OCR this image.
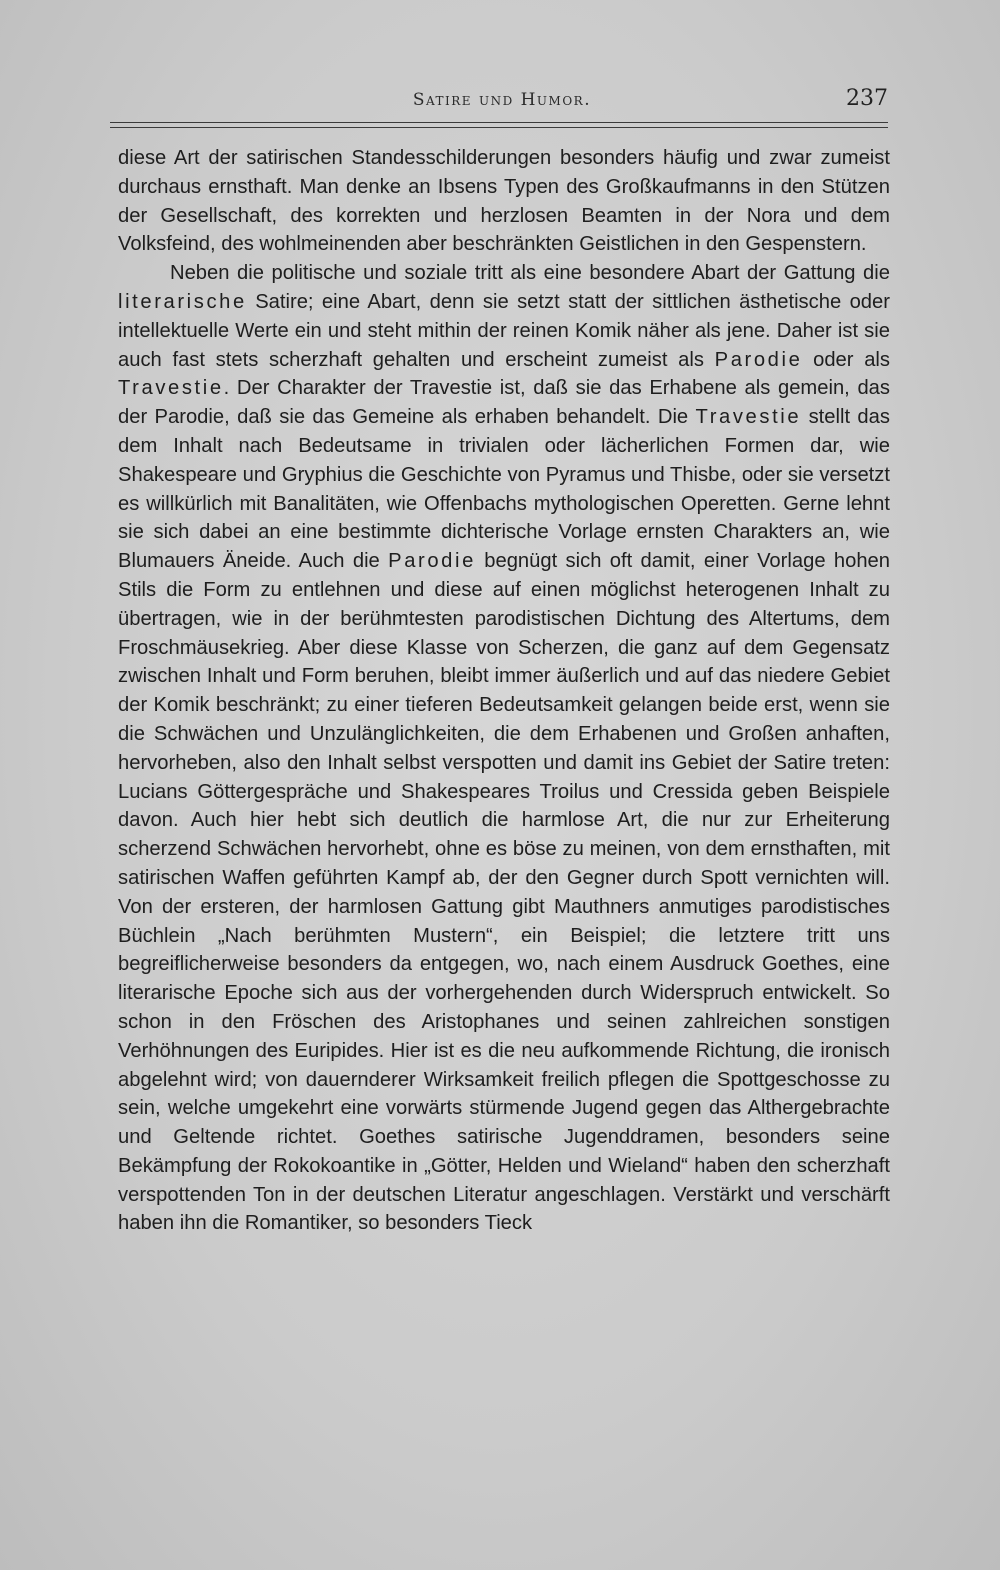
Satire und Humor.	237

diese Art der satirischen Standesschilderungen besonders häufig und zwar zumeist durchaus ernsthaft. Man denke an Ibsens Typen des Großkaufmanns in den Stützen der Gesellschaft, des korrekten und herzlosen Beamten in der Nora und dem Volksfeind, des wohlmeinenden aber beschränkten Geistlichen in den Gespenstern.

Neben die politische und soziale tritt als eine besondere Abart der Gattung die literarische Satire; eine Abart, denn sie setzt statt der sittlichen ästhetische oder intellektuelle Werte ein und steht mithin der reinen Komik näher als jene. Daher ist sie auch fast stets scherzhaft gehalten und erscheint zumeist als Parodie oder als Travestie. Der Charakter der Travestie ist, daß sie das Erhabene als gemein, das der Parodie, daß sie das Gemeine als erhaben behandelt. Die Travestie stellt das dem Inhalt nach Bedeutsame in trivialen oder lächerlichen Formen dar, wie Shakespeare und Gryphius die Geschichte von Pyramus und Thisbe, oder sie versetzt es willkürlich mit Banalitäten, wie Offenbachs mythologischen Operetten. Gerne lehnt sie sich dabei an eine bestimmte dichterische Vorlage ernsten Charakters an, wie Blumauers Äneide. Auch die Parodie begnügt sich oft damit, einer Vorlage hohen Stils die Form zu entlehnen und diese auf einen möglichst heterogenen Inhalt zu übertragen, wie in der berühmtesten parodistischen Dichtung des Altertums, dem Froschmäusekrieg. Aber diese Klasse von Scherzen, die ganz auf dem Gegensatz zwischen Inhalt und Form beruhen, bleibt immer äußerlich und auf das niedere Gebiet der Komik beschränkt; zu einer tieferen Bedeutsamkeit gelangen beide erst, wenn sie die Schwächen und Unzulänglichkeiten, die dem Erhabenen und Großen anhaften, hervorheben, also den Inhalt selbst verspotten und damit ins Gebiet der Satire treten: Lucians Göttergespräche und Shakespeares Troilus und Cressida geben Beispiele davon. Auch hier hebt sich deutlich die harmlose Art, die nur zur Erheiterung scherzend Schwächen hervorhebt, ohne es böse zu meinen, von dem ernsthaften, mit satirischen Waffen geführten Kampf ab, der den Gegner durch Spott vernichten will. Von der ersteren, der harmlosen Gattung gibt Mauthners anmutiges parodistisches Büchlein „Nach berühmten Mustern“, ein Beispiel; die letztere tritt uns begreiflicherweise besonders da entgegen, wo, nach einem Ausdruck Goethes, eine literarische Epoche sich aus der vorhergehenden durch Widerspruch entwickelt. So schon in den Fröschen des Aristophanes und seinen zahlreichen sonstigen Verhöhnungen des Euripides. Hier ist es die neu aufkommende Richtung, die ironisch abgelehnt wird; von dauernderer Wirksamkeit freilich pflegen die Spottgeschosse zu sein, welche umgekehrt eine vorwärts stürmende Jugend gegen das Althergebrachte und Geltende richtet. Goethes satirische Jugenddramen, besonders seine Bekämpfung der Rokokoantike in „Götter, Helden und Wieland“ haben den scherzhaft verspottenden Ton in der deutschen Literatur angeschlagen. Verstärkt und verschärft haben ihn die Romantiker, so besonders Tieck
